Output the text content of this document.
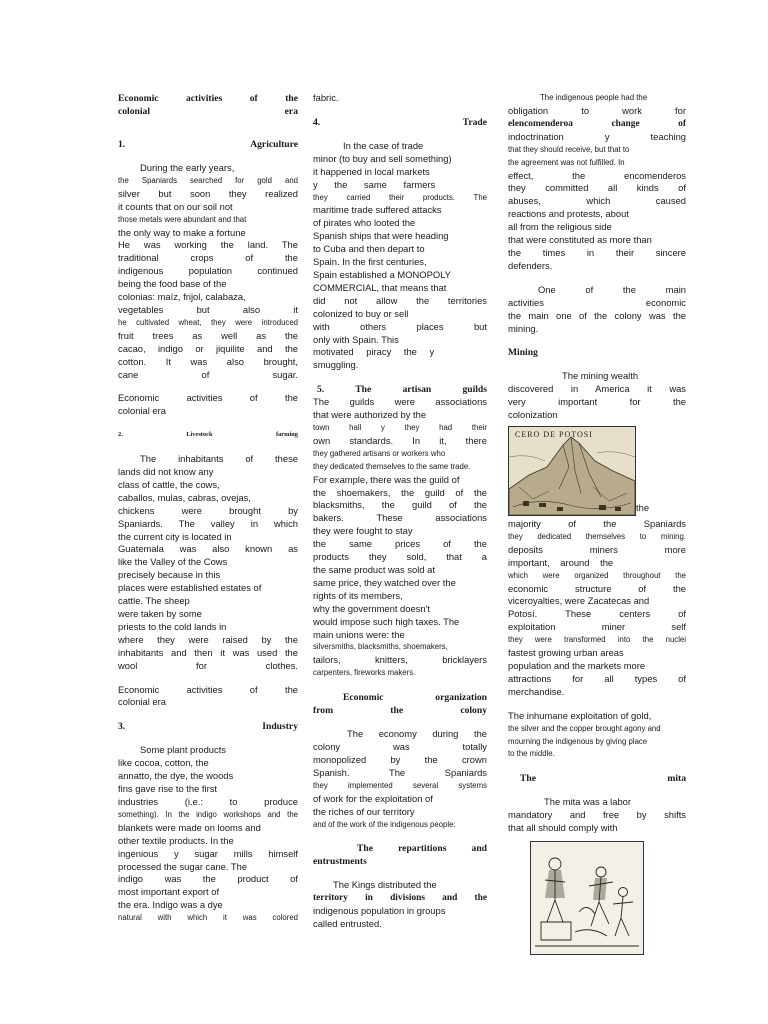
Economic activities of the

colonial era

1. Agriculture

During the early years,

the Spaniards searched for gold and

silver but soon they realized

it counts that on our soil not

those metals were abundant and that

the only way to make a fortune

He was working the land. The

traditional crops of the

indigenous population continued

being the food base of the

colonias: maíz, frijol, calabaza,

vegetables but also it

he cultivated wheat, they were introduced

fruit trees as well as the

cacao, indigo or jiquilite and the

cotton. It was also brought,

cane of sugar.

Economic activities of the

colonial era

2. Livestock farming

The inhabitants of these

lands did not know any

class of cattle, the cows,

caballos, mulas, cabras, ovejas,

chickens were brought by

Spaniards. The valley in which

the current city is located in

Guatemala was also known as

like the Valley of the Cows

precisely because in this

places were established estates of

cattle. The sheep

were taken by some

priests to the cold lands in

where they were raised by the

inhabitants and then it was used the

wool for clothes.

Economic activities of the

colonial era

3. Industry

Some plant products

like cocoa, cotton, the

annatto, the dye, the woods

fins gave rise to the first

industries (i.e.: to produce

something). In the indigo workshops and the

blankets were made on looms and

other textile products. In the

ingenious y sugar mills himself

processed the sugar cane. The

indigo was the product of

most important export of

the era. Indigo was a dye

natural with which it was colored

fabric.

4. Trade

In the case of trade

minor (to buy and sell something)

it happened in local markets

y the same farmers

they carried their products. The

maritime trade suffered attacks

of pirates who looted the

Spanish ships that were heading

to Cuba and then depart to

Spain. In the first centuries,

Spain established a MONOPOLY

COMMERCIAL, that means that

did not allow the territories

colonized to buy or sell

with others places but

only with Spain. This

motivated piracy the y

smuggling.

5. The artisan guilds

The guilds were associations

that were authorized by the

town hall y they had their

own standards. In it, there

they gathered artisans or workers who

they dedicated themselves to the same trade.

For example, there was the guild of

the shoemakers, the guild of the

blacksmiths, the guild of the

bakers. These associations

they were fought to stay

the same prices of the

products they sold, that a

the same product was sold at

same price, they watched over the

rights of its members,

why the government doesn't

would impose such high taxes. The

main unions were: the

silversmiths, blacksmiths, shoemakers,

tailors, knitters, bricklayers

carpenters, fireworks makers.

Economic organization

from the colony

The economy during the

colony was totally

monopolized by the crown

Spanish. The Spaniards

they implemented several systems

of work for the exploitation of

the riches of our territory

and of the work of the indigenous people:

The repartitions and

entrustments

The Kings distributed the

territory in divisions and the

indigenous population in groups

called entrusted.

The indigenous people had the

obligation to work for

elencomenderoa change of

indoctrination y teaching

that they should receive, but that to

the agreement was not fulfilled. In

effect, the encomenderos

they committed all kinds of

abuses, which caused

reactions and protests, about

all from the religious side

that were constituted as more than

the times in their sincere

defenders.

One of the main

activities economic

the main one of the colony was the

mining.

Mining

The mining wealth

discovered in America it was

very important for the

colonization

CERO DE POTOSI
the

majority of the Spaniards

they dedicated themselves to mining.

deposits miners more

important, around the

which were organized throughout the

economic structure of the

viceroyalties, were Zacatecas and

Potosí. These centers of

exploitation miner self

they were transformed into the nuclei

fastest growing urban areas

population and the markets more

attractions for all types of

merchandise.

The inhumane exploitation of gold,

the silver and the copper brought agony and

mourning the indigenous by giving place

to the middle.

The mita

The mita was a labor

mandatory and free by shifts

that all should comply with
